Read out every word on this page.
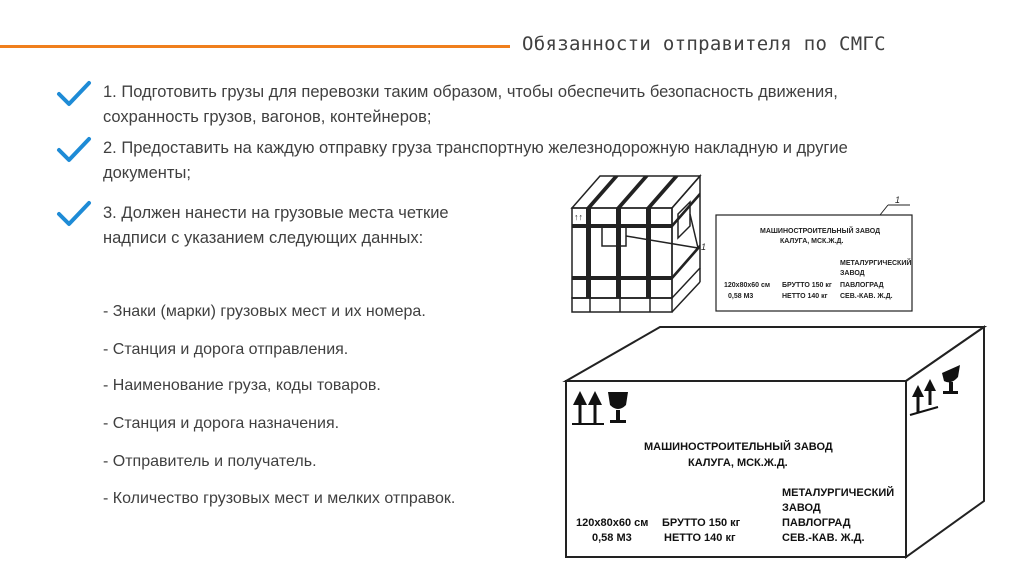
Обязанности отправителя по СМГС
1. Подготовить грузы для перевозки таким образом, чтобы обеспечить безопасность движения,
сохранность грузов, вагонов, контейнеров;
2. Предоставить на каждую отправку груза транспортную железнодорожную накладную и другие
документы;
3. Должен нанести на грузовые места четкие
надписи с указанием следующих данных:
- Знаки (марки) грузовых мест и их номера.
- Станция и дорога отправления.
- Наименование груза, коды товаров.
- Станция и дорога назначения.
- Отправитель и получатель.
- Количество грузовых мест и мелких отправок.
↑↑
1
1
МАШИНОСТРОИТЕЛЬНЫЙ ЗАВОД
КАЛУГА, МСК.Ж.Д.
МЕТАЛУРГИЧЕСКИЙ
ЗАВОД
ПАВЛОГРАД
СЕВ.-КАВ. Ж.Д.
120х80х60 см
0,58 М3
БРУТТО 150 кг
НЕТТО 140 кг
МАШИНОСТРОИТЕЛЬНЫЙ ЗАВОД
КАЛУГА, МСК.Ж.Д.
МЕТАЛУРГИЧЕСКИЙ
ЗАВОД
ПАВЛОГРАД
СЕВ.-КАВ. Ж.Д.
120х80х60 см
0,58 М3
БРУТТО 150 кг
НЕТТО 140 кг
